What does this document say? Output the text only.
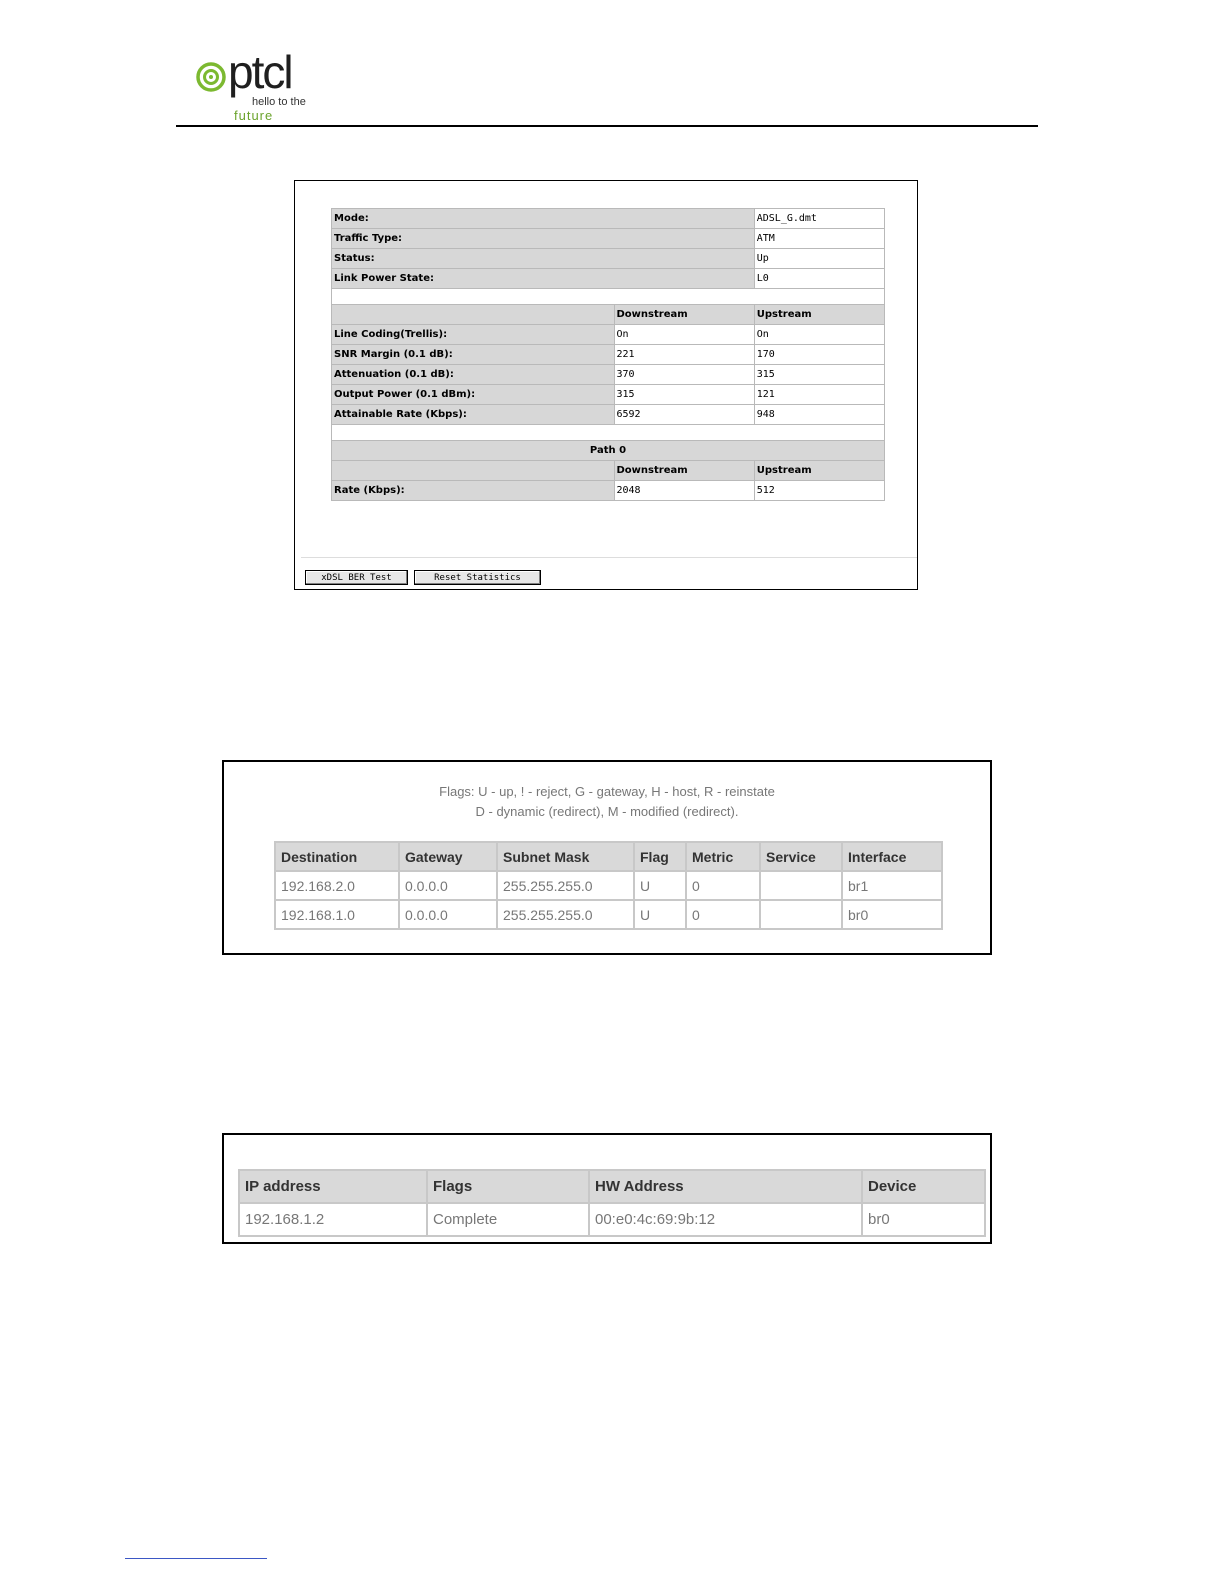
ptcl
hello to the
future
Mode:		ADSL_G.dmt
Traffic Type:		ATM
Status:		Up
Link Power State:		L0

	Downstream	Upstream
Line Coding(Trellis):	On	On
SNR Margin (0.1 dB):	221	170
Attenuation (0.1 dB):	370	315
Output Power (0.1 dBm):	315	121
Attainable Rate (Kbps):	6592	948

Path 0		
	Downstream	Upstream
Rate (Kbps):	2048	512
xDSL BER Test	Reset Statistics
Flags: U - up, ! - reject, G - gateway, H - host, R - reinstate
D - dynamic (redirect), M - modified (redirect).
Destination	Gateway	Subnet Mask	Flag	Metric	Service	Interface
192.168.2.0	0.0.0.0	255.255.255.0	U	0		br1
192.168.1.0	0.0.0.0	255.255.255.0	U	0		br0
IP address	Flags	HW Address	Device
192.168.1.2	Complete	00:e0:4c:69:9b:12	br0
